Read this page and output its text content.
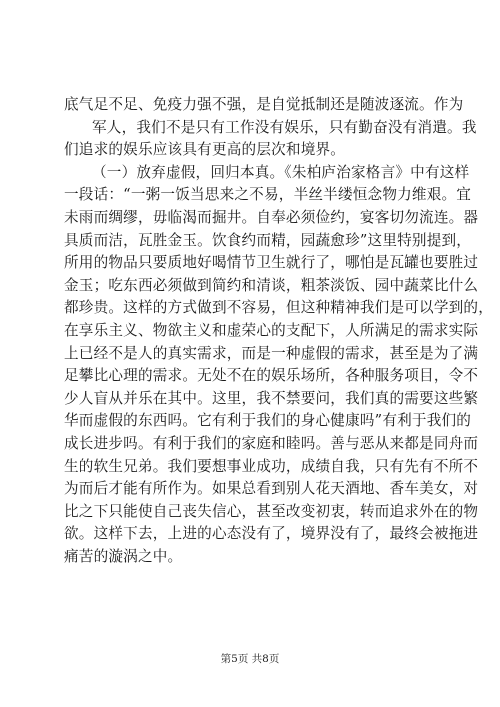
底气足不足、免疫力强不强，是自觉抵制还是随波逐流。作为
军人，我们不是只有工作没有娱乐，只有勤奋没有消遣。我
们追求的娱乐应该具有更高的层次和境界。
（一）放弃虚假，回归本真。《朱柏庐治家格言》中有这样
一段话：“一粥一饭当思来之不易，半丝半缕恒念物力维艰。宜
未雨而绸缪，毋临渴而掘井。自奉必须俭约，宴客切勿流连。器
具质而洁，瓦胜金玉。饮食约而精，园蔬愈珍”这里特别提到，
所用的物品只要质地好喝情节卫生就行了，哪怕是瓦罐也要胜过
金玉；吃东西必须做到简约和清谈，粗茶淡饭、园中蔬菜比什么
都珍贵。这样的方式做到不容易，但这种精神我们是可以学到的，
在享乐主义、物欲主义和虚荣心的支配下，人所满足的需求实际
上已经不是人的真实需求，而是一种虚假的需求，甚至是为了满
足攀比心理的需求。无处不在的娱乐场所，各种服务项目，令不
少人盲从并乐在其中。这里，我不禁要问，我们真的需要这些繁
华而虚假的东西吗。它有利于我们的身心健康吗”有利于我们的
成长进步吗。有利于我们的家庭和睦吗。善与恶从来都是同舟而
生的软生兄弟。我们要想事业成功，成绩自我，只有先有不所不
为而后才能有所作为。如果总看到别人花天酒地、香车美女，对
比之下只能使自己丧失信心，甚至改变初衷，转而追求外在的物
欲。这样下去，上进的心态没有了，境界没有了，最终会被拖进
痛苦的漩涡之中。
第5页 共8页
